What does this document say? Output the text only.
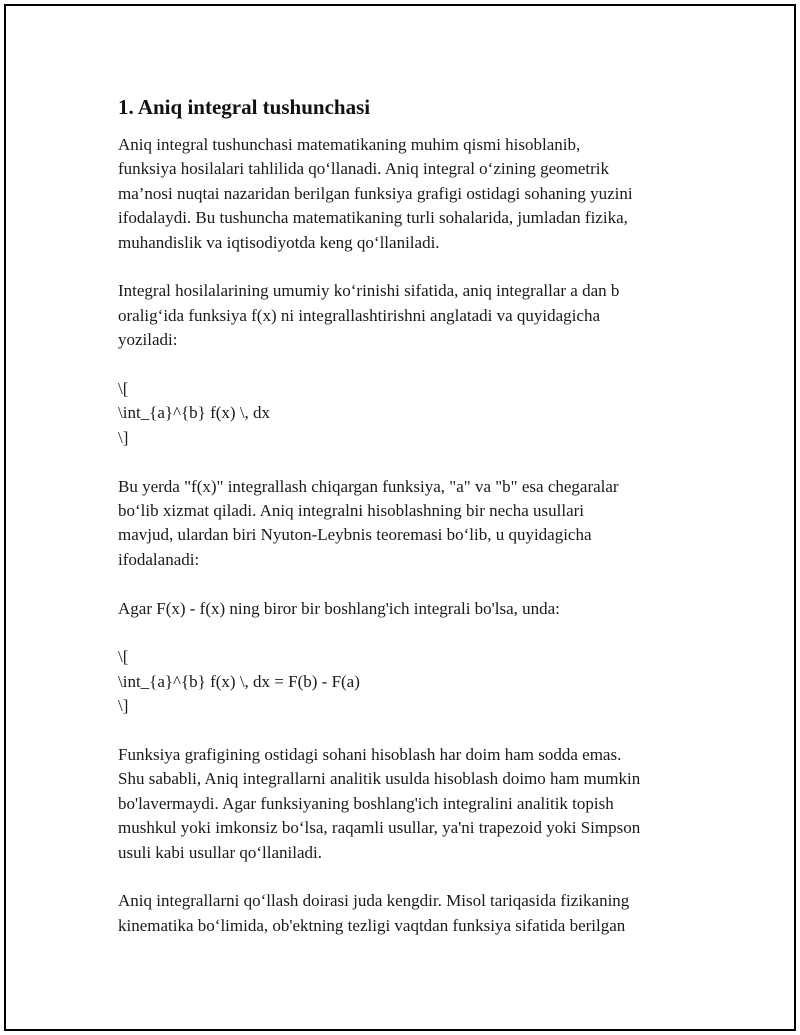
1. Aniq integral tushunchasi
Aniq integral tushunchasi matematikaning muhim qismi hisoblanib,
funksiya hosilalari tahlilida qo‘llanadi. Aniq integral o‘zining geometrik
ma’nosi nuqtai nazaridan berilgan funksiya grafigi ostidagi sohaning yuzini
ifodalaydi. Bu tushuncha matematikaning turli sohalarida, jumladan fizika,
muhandislik va iqtisodiyotda keng qo‘llaniladi.
Integral hosilalarining umumiy ko‘rinishi sifatida, aniq integrallar a dan b
oralig‘ida funksiya f(x) ni integrallashtirishni anglatadi va quyidagicha
yoziladi:
\[
\int_{a}^{b} f(x) \, dx
\]
Bu yerda "f(x)" integrallash chiqargan funksiya, "a" va "b" esa chegaralar
bo‘lib xizmat qiladi. Aniq integralni hisoblashning bir necha usullari
mavjud, ulardan biri Nyuton-Leybnis teoremasi bo‘lib, u quyidagicha
ifodalanadi:
Agar F(x) - f(x) ning biror bir boshlang'ich integrali bo'lsa, unda:
\[
\int_{a}^{b} f(x) \, dx = F(b) - F(a)
\]
Funksiya grafigining ostidagi sohani hisoblash har doim ham sodda emas.
Shu sababli, Aniq integrallarni analitik usulda hisoblash doimo ham mumkin
bo'lavermaydi. Agar funksiyaning boshlang'ich integralini analitik topish
mushkul yoki imkonsiz bo‘lsa, raqamli usullar, ya'ni trapezoid yoki Simpson
usuli kabi usullar qo‘llaniladi.
Aniq integrallarni qo‘llash doirasi juda kengdir. Misol tariqasida fizikaning
kinematika bo‘limida, ob'ektning tezligi vaqtdan funksiya sifatida berilgan
